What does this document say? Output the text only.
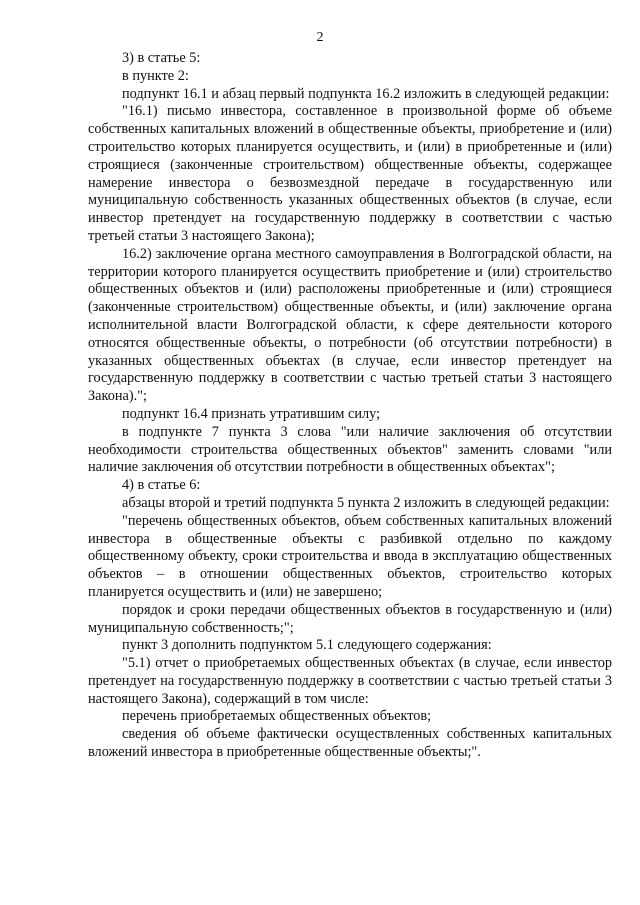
2

3) в статье 5:

в пункте 2:

подпункт 16.1 и абзац первый подпункта 16.2 изложить в следующей редакции:

"16.1) письмо инвестора, составленное в произвольной форме об объеме собственных капитальных вложений в общественные объекты, приобретение и (или) строительство которых планируется осуществить, и (или) в приобретенные и (или) строящиеся (законченные строительством) общественные объекты, содержащее намерение инвестора о безвозмездной передаче в государственную или муниципальную собственность указанных общественных объектов (в случае, если инвестор претендует на государственную поддержку в соответствии с частью третьей статьи 3 настоящего Закона);

16.2) заключение органа местного самоуправления в Волгоградской области, на территории которого планируется осуществить приобретение и (или) строительство общественных объектов и (или) расположены приобретенные и (или) строящиеся (законченные строительством) общественные объекты, и (или) заключение органа исполнительной власти Волгоградской области, к сфере деятельности которого относятся общественные объекты, о потребности (об отсутствии потребности) в указанных общественных объектах (в случае, если инвестор претендует на государственную поддержку в соответствии с частью третьей статьи 3 настоящего Закона).";

подпункт 16.4 признать утратившим силу;

в подпункте 7 пункта 3 слова "или наличие заключения об отсутствии необходимости строительства общественных объектов" заменить словами "или наличие заключения об отсутствии потребности в общественных объектах";

4) в статье 6:

абзацы второй и третий подпункта 5 пункта 2 изложить в следующей редакции:

"перечень общественных объектов, объем собственных капитальных вложений инвестора в общественные объекты с разбивкой отдельно по каждому общественному объекту, сроки строительства и ввода в эксплуатацию общественных объектов – в отношении общественных объектов, строительство которых планируется осуществить и (или) не завершено;

порядок и сроки передачи общественных объектов в государственную и (или) муниципальную собственность;";

пункт 3 дополнить подпунктом 5.1 следующего содержания:

"5.1) отчет о приобретаемых общественных объектах (в случае, если инвестор претендует на государственную поддержку в соответствии с частью третьей статьи 3 настоящего Закона), содержащий в том числе:

перечень приобретаемых общественных объектов;

сведения об объеме фактически осуществленных собственных капитальных вложений инвестора в приобретенные общественные объекты;".
